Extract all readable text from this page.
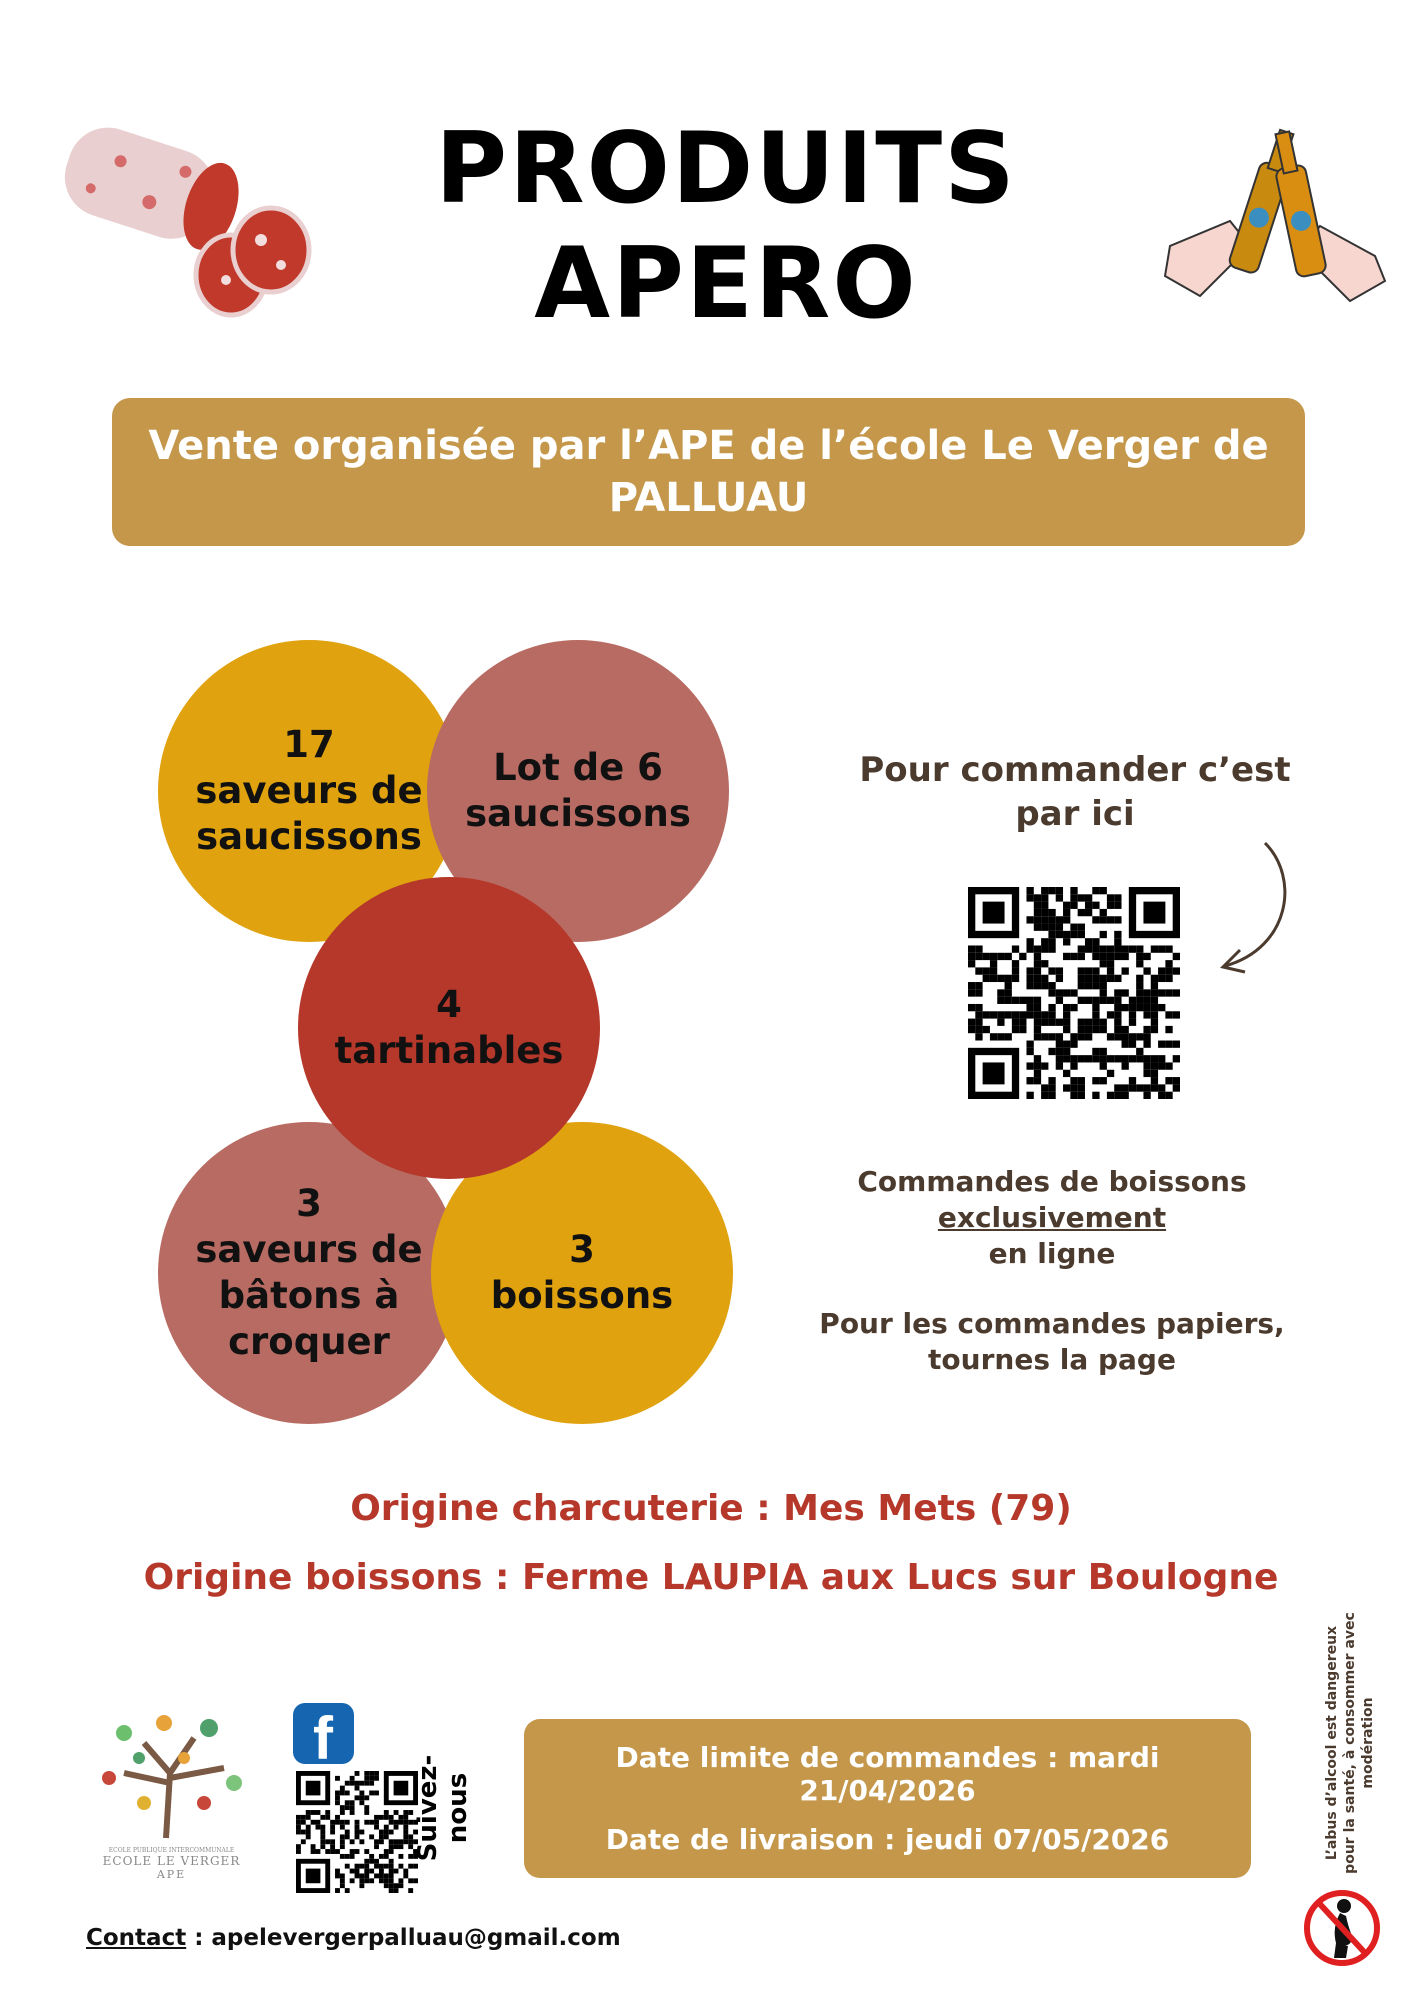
PRODUITS
APERO
Vente organisée par l’APE de l’école Le Verger de
PALLUAU
17
saveurs de
saucissons
Lot de 6
saucissons
3
saveurs de
bâtons à
croquer
3
boissons
4
tartinables
Pour commander c’est
par ici
Commandes de boissons
exclusivement
en ligne
Pour les commandes papiers,
tournes la page
Origine charcuterie : Mes Mets (79)
Origine boissons : Ferme LAUPIA aux Lucs sur Boulogne
ECOLE PUBLIQUE INTERCOMMUNALE
ECOLE LE VERGER
APE
f
Suivez-nous
Date limite de commandes : mardi 21/04/2026
Date de livraison : jeudi 07/05/2026
Contact : apelevergerpalluau@gmail.com
L’abus d’alcool est dangereux pour la santé, à consommer avec modération
